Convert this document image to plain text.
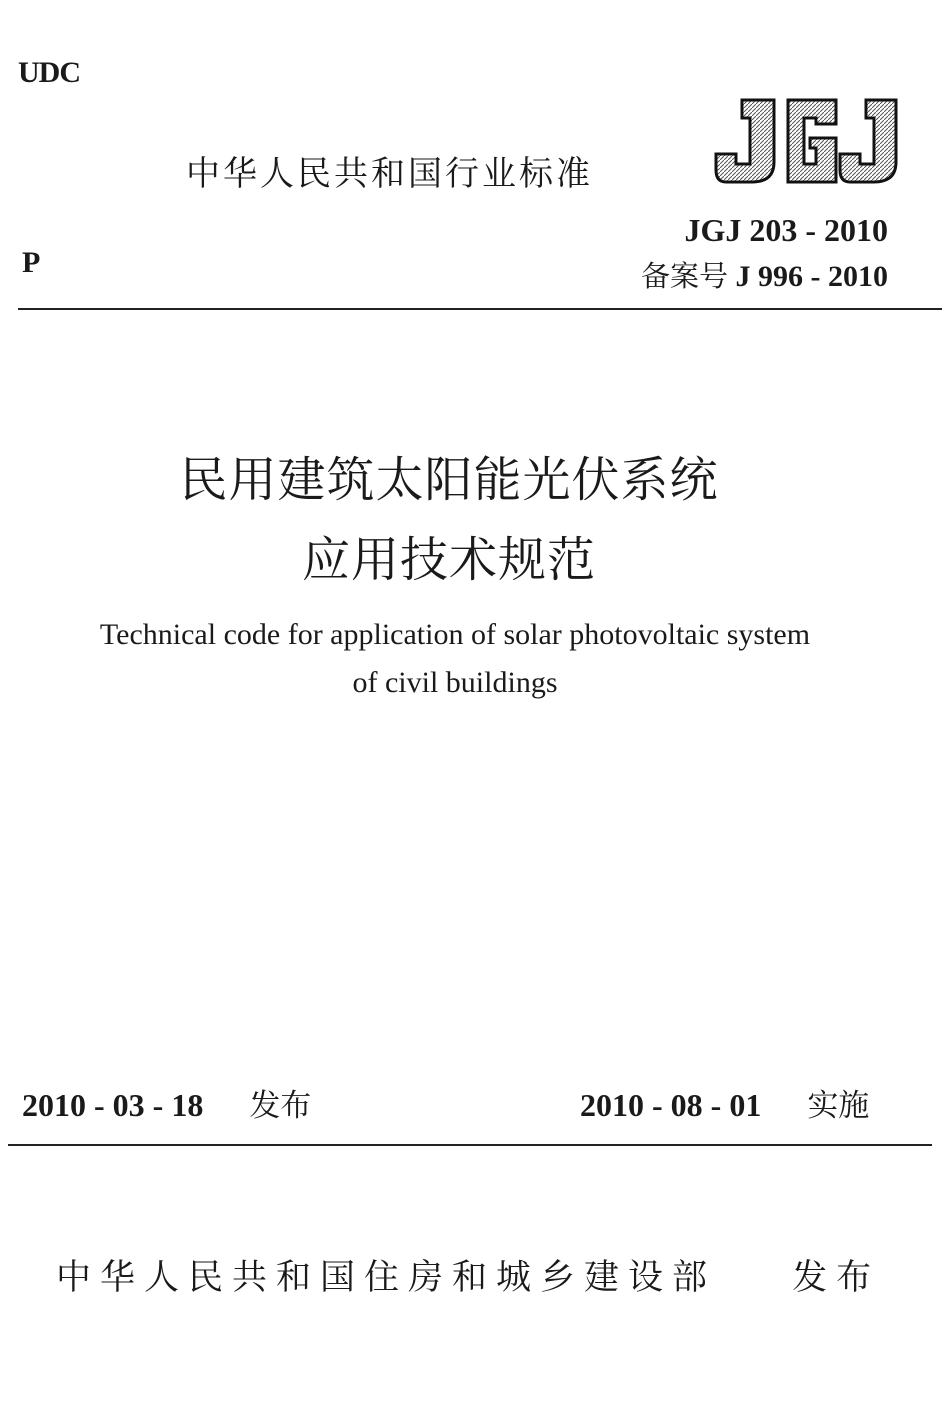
UDC
P
中华人民共和国行业标准
JGJ 203 - 2010
备案号 J 996 - 2010
民用建筑太阳能光伏系统
应用技术规范
Technical code for application of solar photovoltaic system
of civil buildings
2010 - 03 - 18 发布	2010 - 08 - 01 实施
中华人民共和国住房和城乡建设部 发布
